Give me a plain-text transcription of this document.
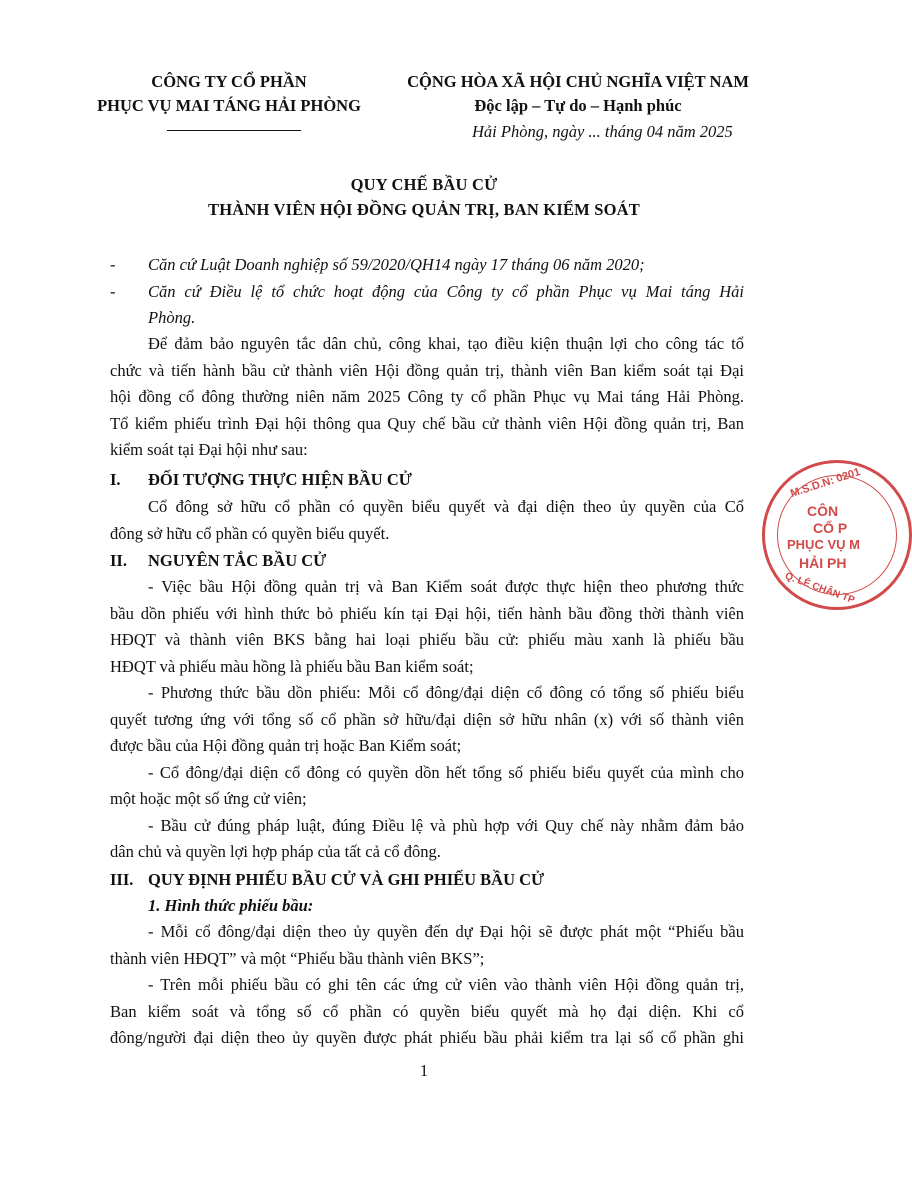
CÔNG TY CỔ PHẦN
PHỤC VỤ MAI TÁNG HẢI PHÒNG
CỘNG HÒA XÃ HỘI CHỦ NGHĨA VIỆT NAM
Độc lập – Tự do – Hạnh phúc
Hải Phòng, ngày ... tháng 04 năm 2025
QUY CHẾ BẦU CỬ
THÀNH VIÊN HỘI ĐỒNG QUẢN TRỊ, BAN KIỂM SOÁT
- Căn cứ Luật Doanh nghiệp số 59/2020/QH14 ngày 17 tháng 06 năm 2020;
- Căn cứ Điều lệ tổ chức hoạt động của Công ty cổ phần Phục vụ Mai táng Hải
Phòng.
Để đảm bảo nguyên tắc dân chủ, công khai, tạo điều kiện thuận lợi cho công tác tổ
chức và tiến hành bầu cử thành viên Hội đồng quản trị, thành viên Ban kiểm soát tại Đại
hội đồng cổ đông thường niên năm 2025 Công ty cổ phần Phục vụ Mai táng Hải Phòng.
Tổ kiểm phiếu trình Đại hội thông qua Quy chế bầu cử thành viên Hội đồng quản trị, Ban
kiểm soát tại Đại hội như sau:
I. ĐỐI TƯỢNG THỰC HIỆN BẦU CỬ
Cổ đông sở hữu cổ phần có quyền biểu quyết và đại diện theo ủy quyền của Cổ
đông sở hữu cổ phần có quyền biểu quyết.
II. NGUYÊN TẮC BẦU CỬ
- Việc bầu Hội đồng quản trị và Ban Kiểm soát được thực hiện theo phương thức
bầu dồn phiếu với hình thức bỏ phiếu kín tại Đại hội, tiến hành bầu đồng thời thành viên
HĐQT và thành viên BKS bằng hai loại phiếu bầu cử: phiếu màu xanh là phiếu bầu
HĐQT và phiếu màu hồng là phiếu bầu Ban kiểm soát;
- Phương thức bầu dồn phiếu: Mỗi cổ đông/đại diện cổ đông có tổng số phiếu biểu
quyết tương ứng với tổng số cổ phần sở hữu/đại diện sở hữu nhân (x) với số thành viên
được bầu của Hội đồng quản trị hoặc Ban Kiểm soát;
- Cổ đông/đại diện cổ đông có quyền dồn hết tổng số phiếu biểu quyết của mình cho
một hoặc một số ứng cử viên;
- Bầu cử đúng pháp luật, đúng Điều lệ và phù hợp với Quy chế này nhằm đảm bảo
dân chủ và quyền lợi hợp pháp của tất cả cổ đông.
III. QUY ĐỊNH PHIẾU BẦU CỬ VÀ GHI PHIẾU BẦU CỬ
1. Hình thức phiếu bầu:
- Mỗi cổ đông/đại diện theo ủy quyền đến dự Đại hội sẽ được phát một “Phiếu bầu
thành viên HĐQT” và một “Phiếu bầu thành viên BKS”;
- Trên mỗi phiếu bầu có ghi tên các ứng cử viên vào thành viên Hội đồng quản trị,
Ban kiểm soát và tổng số cổ phần có quyền biểu quyết mà họ đại diện. Khi cổ
đông/người đại diện theo ủy quyền được phát phiếu bầu phải kiểm tra lại số cổ phần ghi
1
M.S.D.N: 0201
CÔN
CỔ P
PHỤC VỤ M
HẢI PH
Q. LÊ CHÂN TP
